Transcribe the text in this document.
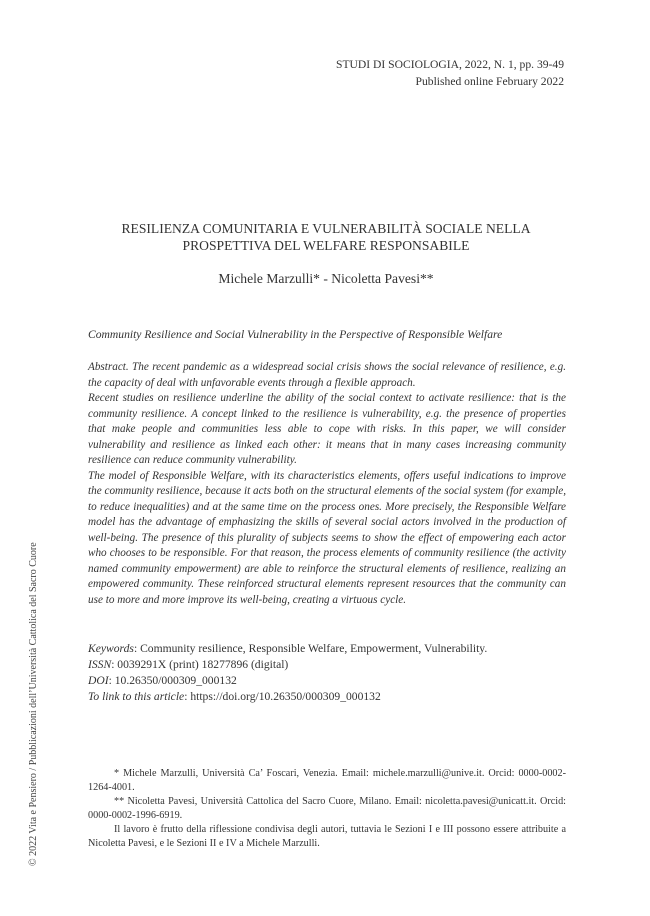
STUDI DI SOCIOLOGIA, 2022, N. 1, pp. 39-49
Published online February 2022
RESILIENZA COMUNITARIA E VULNERABILITÀ SOCIALE NELLA
PROSPETTIVA DEL WELFARE RESPONSABILE
Michele Marzulli* - Nicoletta Pavesi**
Community Resilience and Social Vulnerability in the Perspective of Responsible Welfare

Abstract. The recent pandemic as a widespread social crisis shows the social relevance of resilience, e.g. the capacity of deal with unfavorable events through a flexible approach.

Recent studies on resilience underline the ability of the social context to activate resilience: that is the community resilience. A concept linked to the resilience is vulnerability, e.g. the presence of properties that make people and communities less able to cope with risks. In this paper, we will consider vulnerability and resilience as linked each other: it means that in many cases increasing community resilience can reduce community vulnerability.

The model of Responsible Welfare, with its characteristics elements, offers useful indications to improve the community resilience, because it acts both on the structural elements of the social system (for example, to reduce inequalities) and at the same time on the process ones. More precisely, the Responsible Welfare model has the advantage of emphasizing the skills of several social actors involved in the production of well-being. The presence of this plurality of subjects seems to show the effect of empowering each actor who chooses to be responsible. For that reason, the process elements of community resilience (the activity named community empowerment) are able to reinforce the structural elements of resilience, realizing an empowered community. These reinforced structural elements represent resources that the community can use to more and more improve its well-being, creating a virtuous cycle.

Keywords: Community resilience, Responsible Welfare, Empowerment, Vulnerability.
ISSN: 0039291X (print) 18277896 (digital)
DOI: 10.26350/000309_000132
To link to this article: https://doi.org/10.26350/000309_000132

* Michele Marzulli, Università Ca’ Foscari, Venezia. Email: michele.marzulli@unive.it. Orcid: 0000-0002-1264-4001.

** Nicoletta Pavesi, Università Cattolica del Sacro Cuore, Milano. Email: nicoletta.pavesi@unicatt.it. Orcid: 0000-0002-1996-6919.

Il lavoro è frutto della riflessione condivisa degli autori, tuttavia le Sezioni I e III possono essere attribuite a Nicoletta Pavesi, e le Sezioni II e IV a Michele Marzulli.

© 2022 Vita e Pensiero / Pubblicazioni dell’Università Cattolica del Sacro Cuore
